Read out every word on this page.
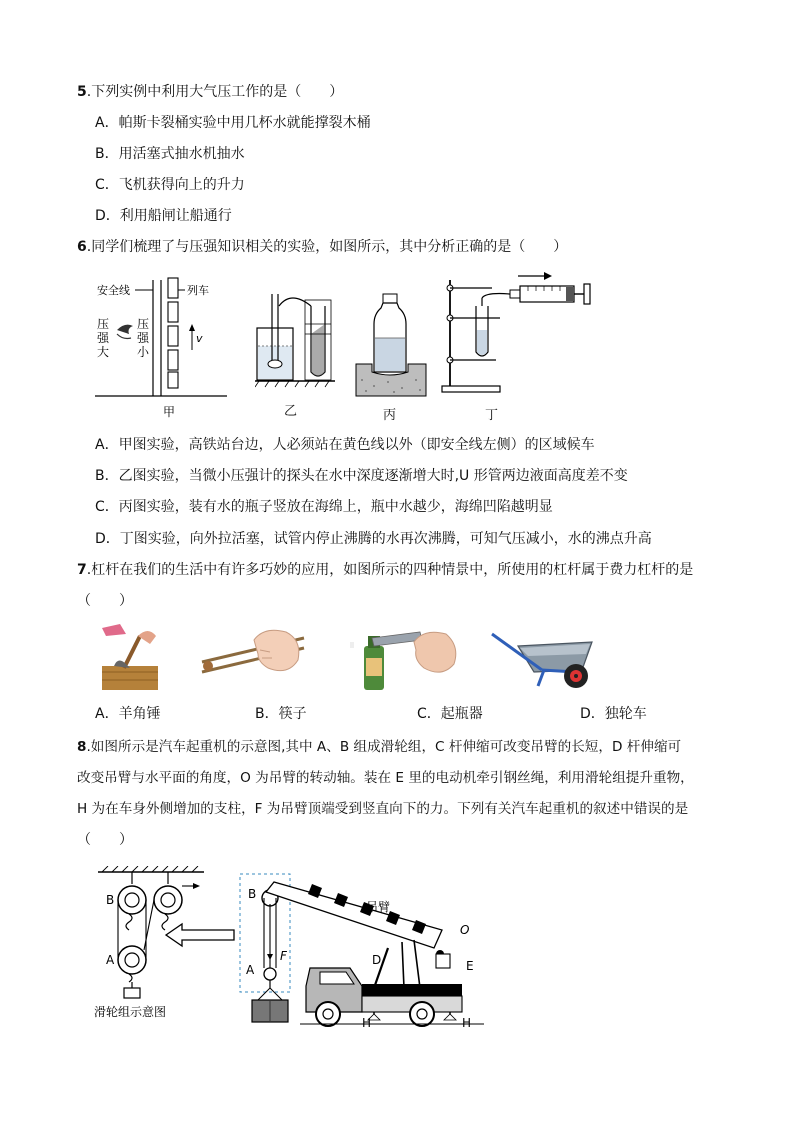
5.下列实例中利用大气压工作的是（　　）
A．帕斯卡裂桶实验中用几杯水就能撑裂木桶
B．用活塞式抽水机抽水
C．飞机获得向上的升力
D．利用船闸让船通行
6.同学们梳理了与压强知识相关的实验，如图所示，其中分析正确的是（　　）
安全线	列车
压
强
大
压
强
小
v
甲	乙	丙	丁
A．甲图实验，高铁站台边，人必须站在黄色线以外（即安全线左侧）的区域候车
B．乙图实验，当微小压强计的探头在水中深度逐渐增大时,U 形管两边液面高度差不变
C．丙图实验，装有水的瓶子竖放在海绵上，瓶中水越少，海绵凹陷越明显
D．丁图实验，向外拉活塞，试管内停止沸腾的水再次沸腾，可知气压减小，水的沸点升高
7.杠杆在我们的生活中有许多巧妙的应用，如图所示的四种情景中，所使用的杠杆属于费力杠杆的是
（　　）
A．羊角锤	B．筷子	C．起瓶器	D．独轮车
8.如图所示是汽车起重机的示意图,其中 A、B 组成滑轮组，C 杆伸缩可改变吊臂的长短，D 杆伸缩可
改变吊臂与水平面的角度，O 为吊臂的转动轴。装在 E 里的电动机牵引钢丝绳，利用滑轮组提升重物，
H 为在车身外侧增加的支柱，F 为吊臂顶端受到竖直向下的力。下列有关汽车起重机的叙述中错误的是
（　　）
B
A
滑轮组示意图
B	C
吊臂
O
A
F	D	E
H	H
